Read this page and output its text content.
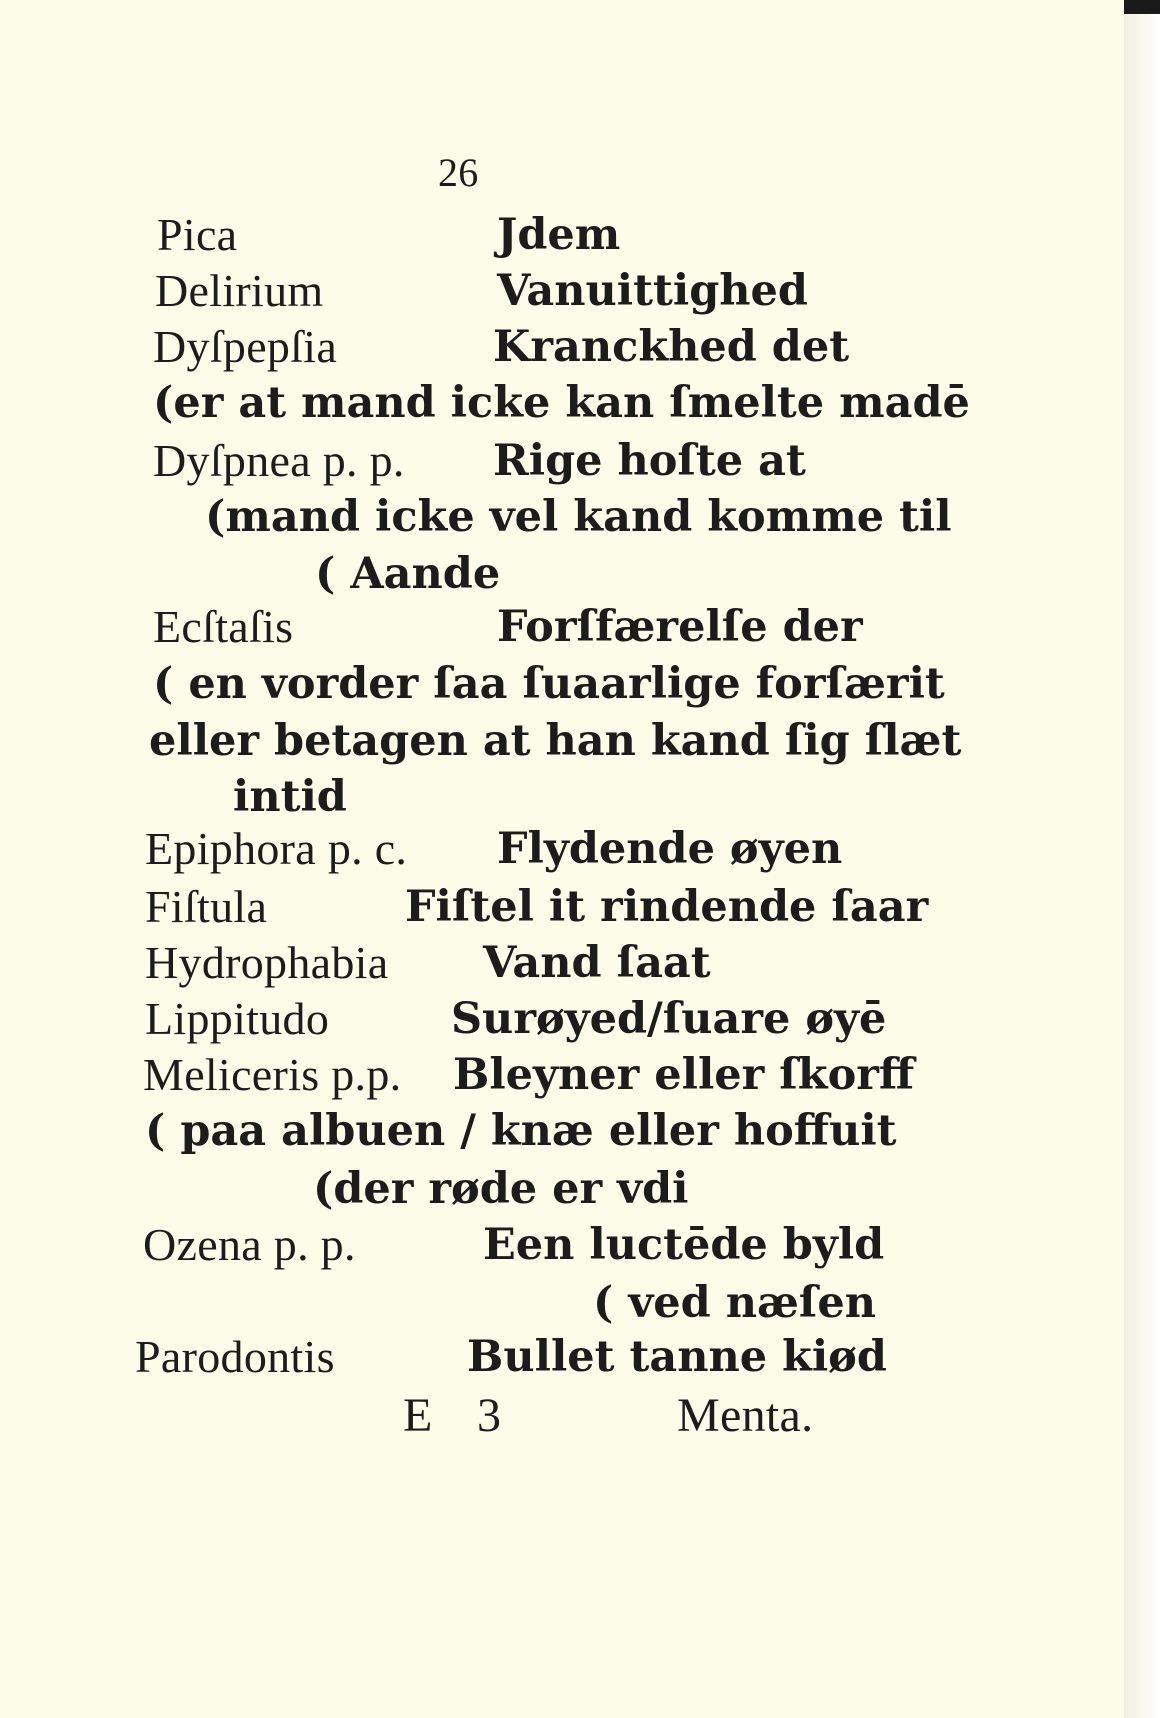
26
Pica	Jdem
Delirium	Vanuittighed
Dyſpepſia	Kranckhed det
(er at mand icke kan ſmelte madē
Dyſpnea p. p. Rige hoſte at
(mand icke vel kand komme til
( Aande
Ecſtaſis	Forſfærelſe der
( en vorder ſaa ſuaarlige forſærit
eller betagen at han kand ſig ſlæt
intid
Epiphora p. c. Flydende øyen
Fiſtula	Fiſtel it rindende ſaar
Hydrophabia Vand ſaat
Lippitudo	Surøyed/ſuare øyē
Meliceris p.p. Bleyner eller ſkorff
( paa albuen / knæ eller hoffuit
(der røde er vdi
Ozena p. p.	Een luctēde byld
( ved næſen
Parodontis	Bullet tanne kiød
E 3	Menta.
